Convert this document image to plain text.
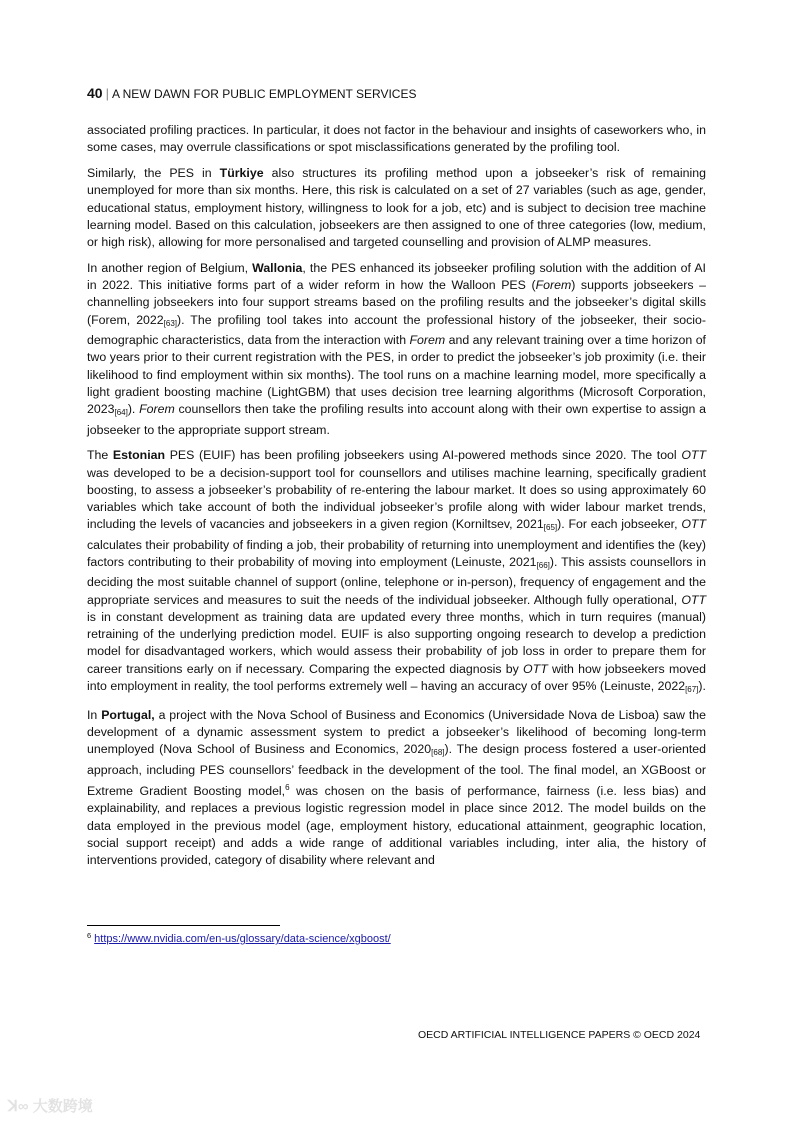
40 | A NEW DAWN FOR PUBLIC EMPLOYMENT SERVICES

associated profiling practices. In particular, it does not factor in the behaviour and insights of caseworkers who, in some cases, may overrule classifications or spot misclassifications generated by the profiling tool.

Similarly, the PES in Türkiye also structures its profiling method upon a jobseeker’s risk of remaining unemployed for more than six months. Here, this risk is calculated on a set of 27 variables (such as age, gender, educational status, employment history, willingness to look for a job, etc) and is subject to decision tree machine learning model. Based on this calculation, jobseekers are then assigned to one of three categories (low, medium, or high risk), allowing for more personalised and targeted counselling and provision of ALMP measures.

In another region of Belgium, Wallonia, the PES enhanced its jobseeker profiling solution with the addition of AI in 2022. This initiative forms part of a wider reform in how the Walloon PES (Forem) supports jobseekers – channelling jobseekers into four support streams based on the profiling results and the jobseeker’s digital skills (Forem, 2022[63]). The profiling tool takes into account the professional history of the jobseeker, their socio-demographic characteristics, data from the interaction with Forem and any relevant training over a time horizon of two years prior to their current registration with the PES, in order to predict the jobseeker’s job proximity (i.e. their likelihood to find employment within six months). The tool runs on a machine learning model, more specifically a light gradient boosting machine (LightGBM) that uses decision tree learning algorithms (Microsoft Corporation, 2023[64]). Forem counsellors then take the profiling results into account along with their own expertise to assign a jobseeker to the appropriate support stream.

The Estonian PES (EUIF) has been profiling jobseekers using AI-powered methods since 2020. The tool OTT was developed to be a decision-support tool for counsellors and utilises machine learning, specifically gradient boosting, to assess a jobseeker’s probability of re-entering the labour market. It does so using approximately 60 variables which take account of both the individual jobseeker’s profile along with wider labour market trends, including the levels of vacancies and jobseekers in a given region (Korniltsev, 2021[65]). For each jobseeker, OTT calculates their probability of finding a job, their probability of returning into unemployment and identifies the (key) factors contributing to their probability of moving into employment (Leinuste, 2021[66]). This assists counsellors in deciding the most suitable channel of support (online, telephone or in-person), frequency of engagement and the appropriate services and measures to suit the needs of the individual jobseeker. Although fully operational, OTT is in constant development as training data are updated every three months, which in turn requires (manual) retraining of the underlying prediction model. EUIF is also supporting ongoing research to develop a prediction model for disadvantaged workers, which would assess their probability of job loss in order to prepare them for career transitions early on if necessary. Comparing the expected diagnosis by OTT with how jobseekers moved into employment in reality, the tool performs extremely well – having an accuracy of over 95% (Leinuste, 2022[67]).

In Portugal, a project with the Nova School of Business and Economics (Universidade Nova de Lisboa) saw the development of a dynamic assessment system to predict a jobseeker’s likelihood of becoming long-term unemployed (Nova School of Business and Economics, 2020[68]). The design process fostered a user-oriented approach, including PES counsellors’ feedback in the development of the tool. The final model, an XGBoost or Extreme Gradient Boosting model,$^6$ was chosen on the basis of performance, fairness (i.e. less bias) and explainability, and replaces a previous logistic regression model in place since 2012. The model builds on the data employed in the previous model (age, employment history, educational attainment, geographic location, social support receipt) and adds a wide range of additional variables including, inter alia, the history of interventions provided, category of disability where relevant and

$^6$ https://www.nvidia.com/en-us/glossary/data-science/xgboost/
OECD ARTIFICIAL INTELLIGENCE PAPERS © OECD 2024
ꓘ∞ 大数跨境
